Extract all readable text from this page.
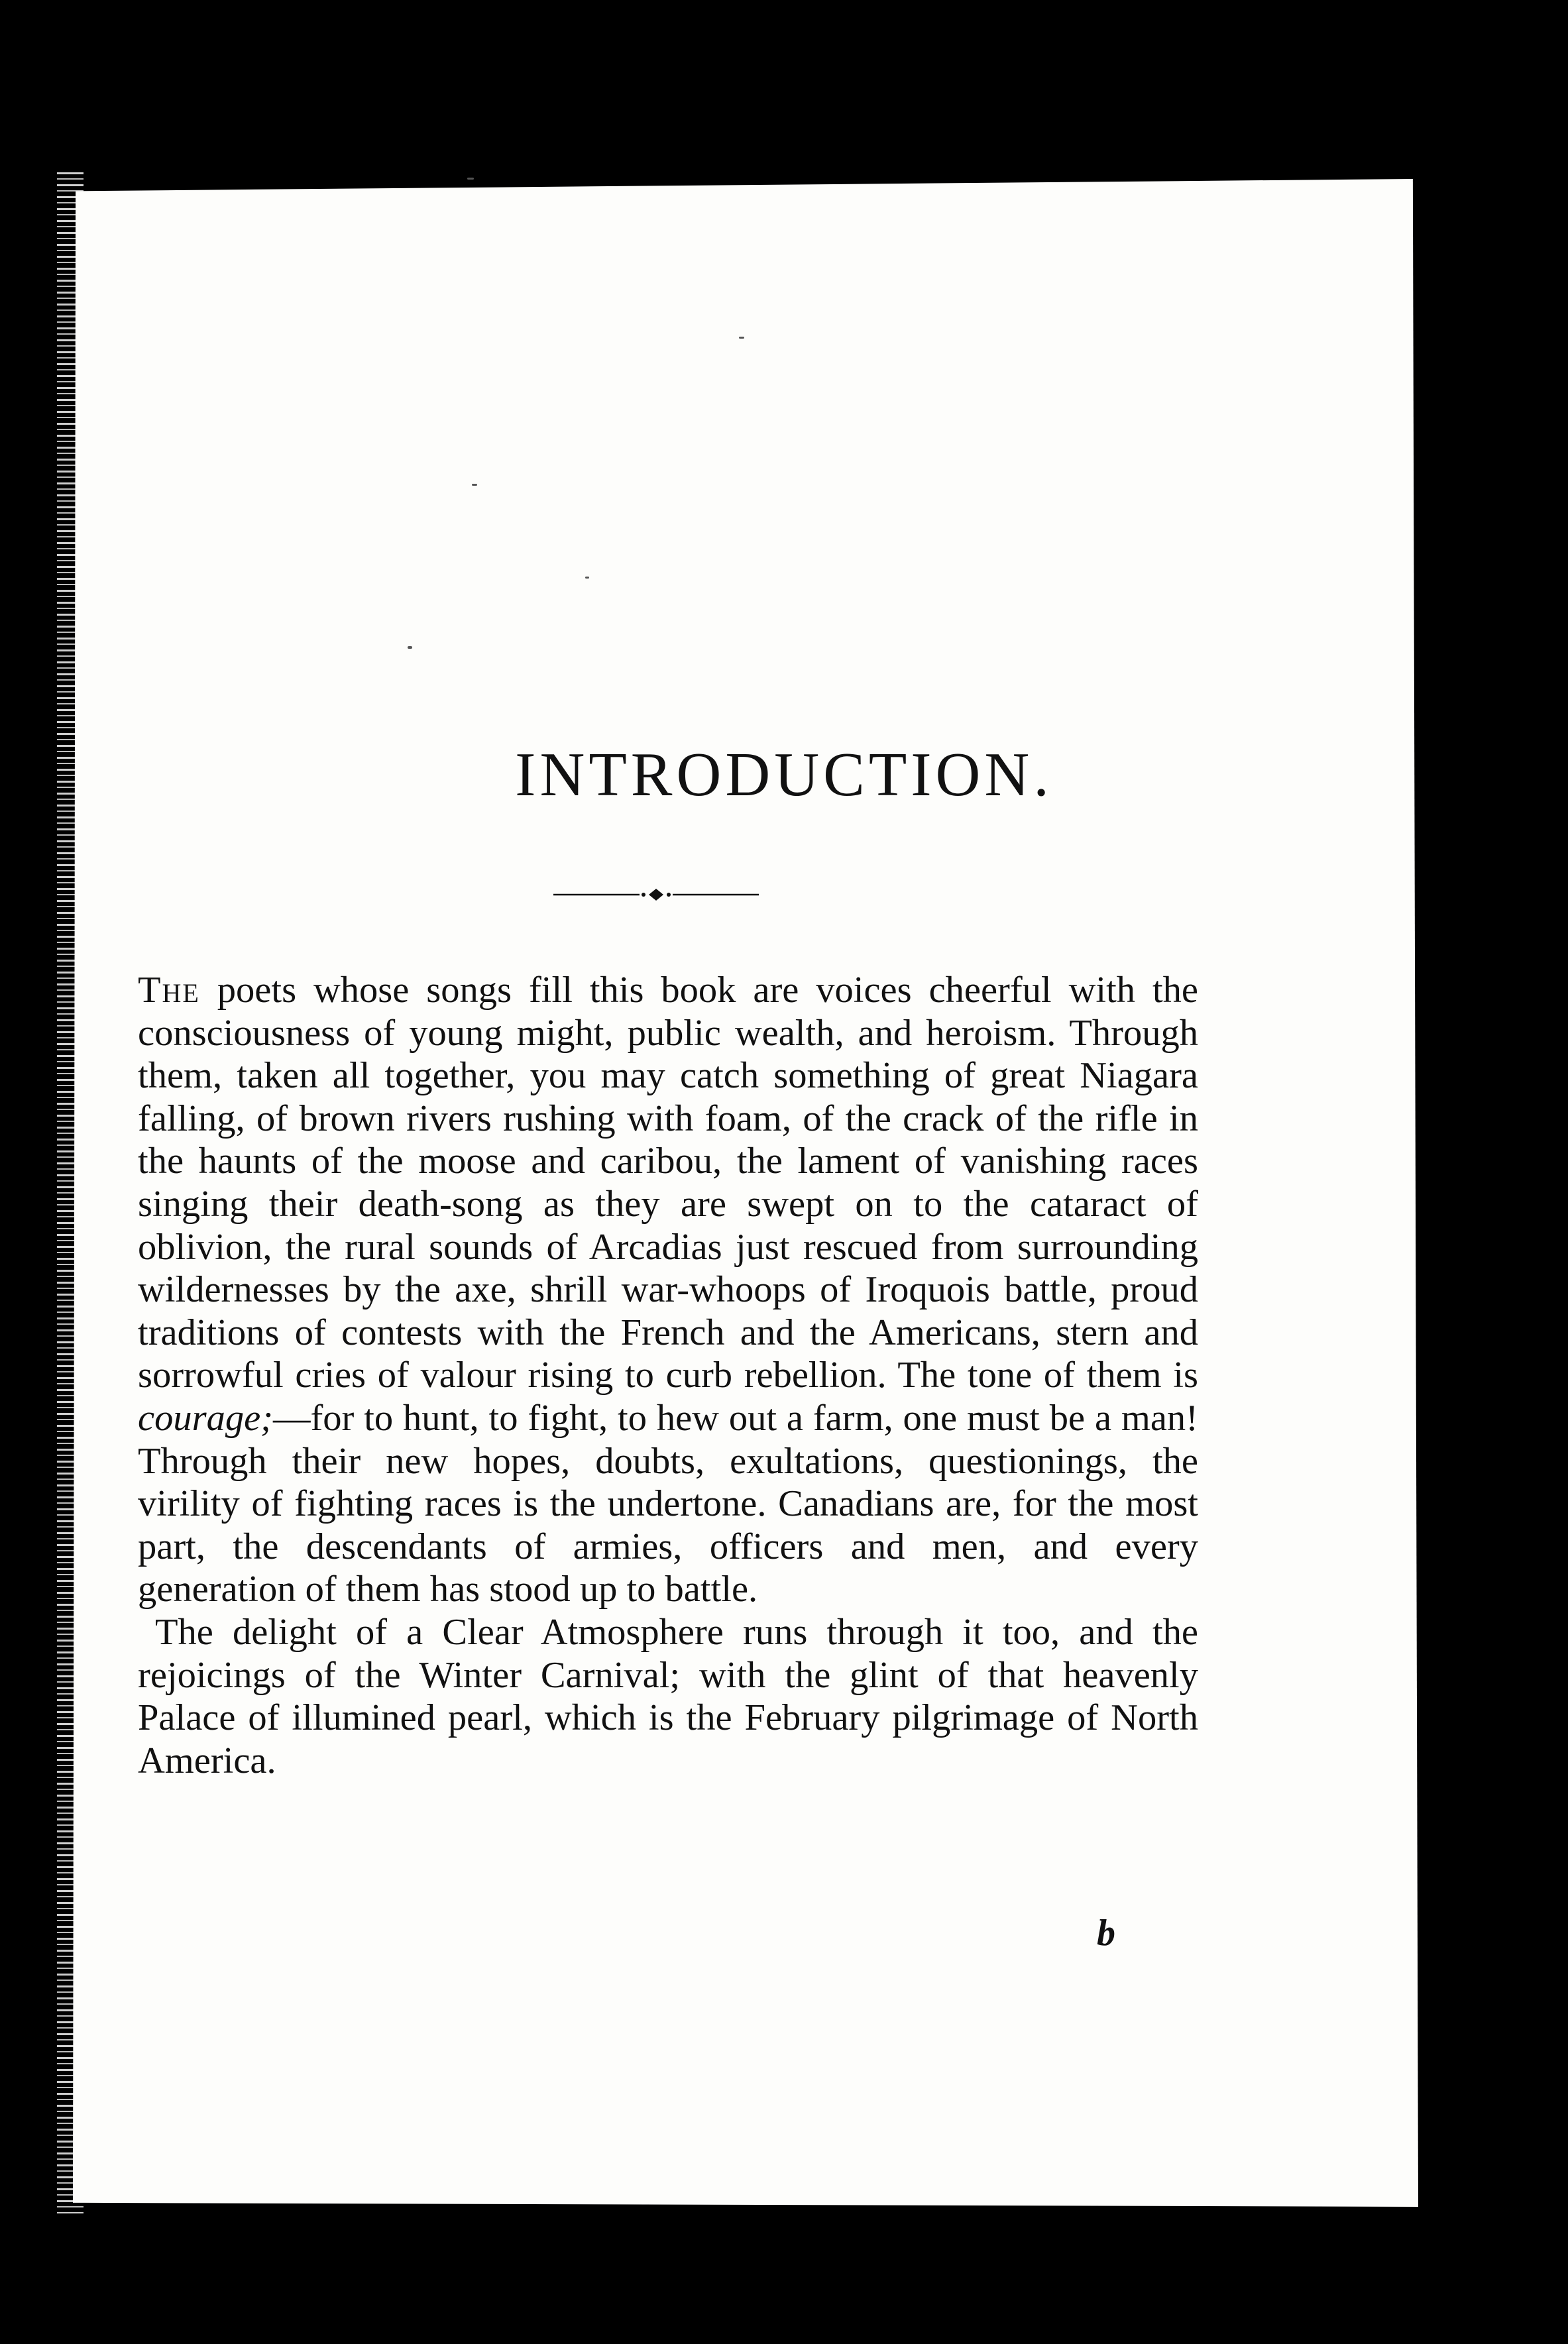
INTRODUCTION.

The poets whose songs fill this book are voices cheerful with the consciousness of young might, public wealth, and heroism. Through them, taken all together, you may catch something of great Niagara falling, of brown rivers rushing with foam, of the crack of the rifle in the haunts of the moose and caribou, the lament of vanishing races singing their death-song as they are swept on to the cataract of oblivion, the rural sounds of Arcadias just rescued from surrounding wildernesses by the axe, shrill war-whoops of Iroquois battle, proud traditions of contests with the French and the Americans, stern and sorrowful cries of valour rising to curb rebellion. The tone of them is courage;—for to hunt, to fight, to hew out a farm, one must be a man! Through their new hopes, doubts, exultations, questionings, the virility of fighting races is the undertone. Canadians are, for the most part, the descendants of armies, officers and men, and every generation of them has stood up to battle.

The delight of a Clear Atmosphere runs through it too, and the rejoicings of the Winter Carnival; with the glint of that heavenly Palace of illumined pearl, which is the February pilgrimage of North America.

b
